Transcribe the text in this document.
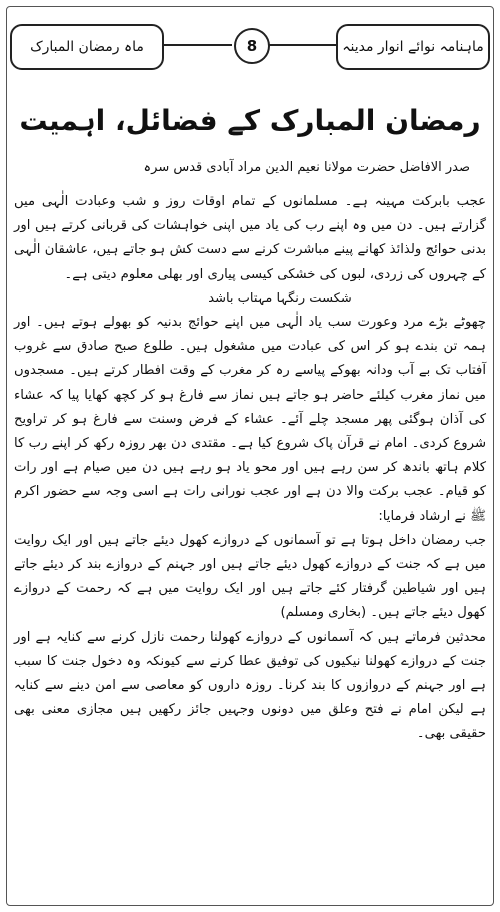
ماہنامہ نوائے انوار مدینہ
8
ماہ رمضان المبارک
رمضان المبارک کے فضائل، اہمیت
صدر الافاضل حضرت مولانا نعیم الدین مراد آبادی قدس سرہ

عجب بابرکت مہینہ ہے۔ مسلمانوں کے تمام اوقات روز و شب وعبادت الٰہی میں گزارتے ہیں۔ دن میں وہ اپنے رب کی یاد میں اپنی خواہشات کی قربانی کرتے ہیں اور بدنی حوائج ولذائذ کھانے پینے مباشرت کرنے سے دست کش ہو جاتے ہیں، عاشقان الٰہی کے چہروں کی زردی، لبوں کی خشکی کیسی پیاری اور بھلی معلوم دیتی ہے۔

شکست رنگہا مہتاب باشد

چھوٹے بڑے مرد وعورت سب یاد الٰہی میں اپنے حوائج بدنیہ کو بھولے ہوتے ہیں۔ اور ہمہ تن بندے ہو کر اس کی عبادت میں مشغول ہیں۔ طلوع صبح صادق سے غروب آفتاب تک بے آب ودانہ بھوکے پیاسے رہ کر مغرب کے وقت افطار کرتے ہیں۔ مسجدوں میں نماز مغرب کیلئے حاضر ہو جاتے ہیں نماز سے فارغ ہو کر کچھ کھایا پیا کہ عشاء کی آذان ہوگئی پھر مسجد چلے آئے۔ عشاء کے فرض وسنت سے فارغ ہو کر تراویح شروع کردی۔ امام نے قرآن پاک شروع کیا ہے۔ مقتدی دن بھر روزہ رکھ کر اپنے رب کا کلام ہاتھ باندھ کر سن رہے ہیں اور محو یاد ہو رہے ہیں دن میں صیام ہے اور رات کو قیام۔ عجب برکت والا دن ہے اور عجب نورانی رات ہے اسی وجہ سے حضور اکرم ﷺ نے ارشاد فرمایا:

جب رمضان داخل ہوتا ہے تو آسمانوں کے دروازے کھول دیئے جاتے ہیں اور ایک روایت میں ہے کہ جنت کے دروازے کھول دیئے جاتے ہیں اور جہنم کے دروازے بند کر دیئے جاتے ہیں اور شیاطین گرفتار کئے جاتے ہیں اور ایک روایت میں ہے کہ رحمت کے دروازے کھول دیئے جاتے ہیں۔ (بخاری ومسلم)

محدثین فرماتے ہیں کہ آسمانوں کے دروازے کھولنا رحمت نازل کرنے سے کنایہ ہے اور جنت کے دروازے کھولنا نیکیوں کی توفیق عطا کرنے سے کیونکہ وہ دخول جنت کا سبب ہے اور جہنم کے دروازوں کا بند کرنا۔ روزہ داروں کو معاصی سے امن دینے سے کنایہ ہے لیکن امام نے فتح وعلق میں دونوں وجہیں جائز رکھیں ہیں مجازی معنی بھی حقیقی بھی۔
